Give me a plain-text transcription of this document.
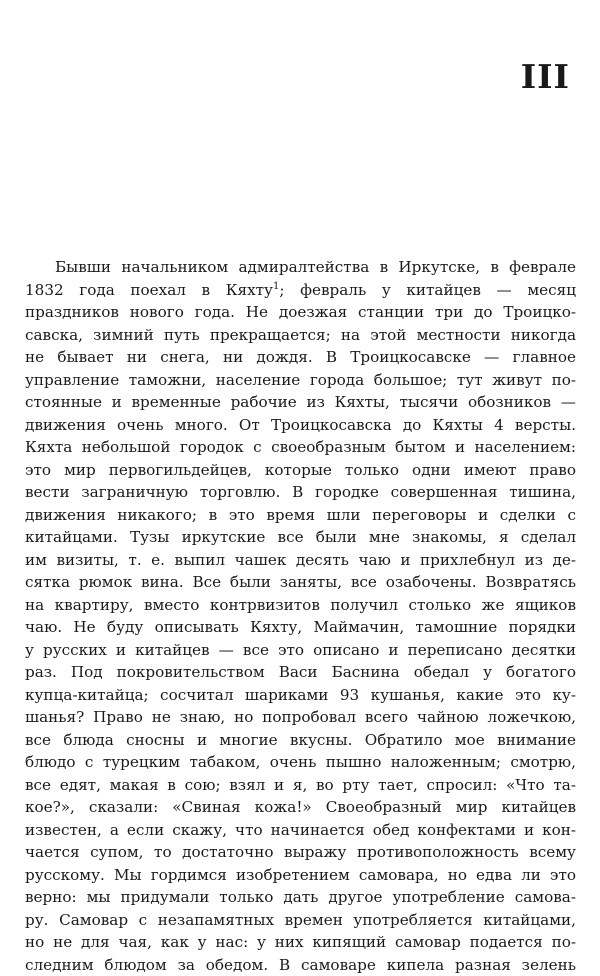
III
Бывши начальником адмиралтейства в Иркутске, в феврале
1832 года поехал в Кяхту$^1$; февраль у китайцев — месяц
праздников нового года. Не доезжая станции три до Троицко-
савска, зимний путь прекращается; на этой местности никогда
не бывает ни снега, ни дождя. В Троицкосавске — главное
управление таможни, население города большое; тут живут по-
стоянные и временные рабочие из Кяхты, тысячи обозников —
движения очень много. От Троицкосавска до Кяхты 4 версты.
Кяхта небольшой городок с своеобразным бытом и населением:
это мир первогильдейцев, которые только одни имеют право
вести заграничную торговлю. В городке совершенная тишина,
движения никакого; в это время шли переговоры и сделки с
китайцами. Тузы иркутские все были мне знакомы, я сделал
им визиты, т. е. выпил чашек десять чаю и прихлебнул из де-
сятка рюмок вина. Все были заняты, все озабочены. Возвратясь
на квартиру, вместо контрвизитов получил столько же ящиков
чаю. Не буду описывать Кяхту, Маймачин, тамошние порядки
у русских и китайцев — все это описано и переписано десятки
раз. Под покровительством Васи Баснина обедал у богатого
купца-китайца; сосчитал шариками 93 кушанья, какие это ку-
шанья? Право не знаю, но попробовал всего чайною ложечкою,
все блюда сносны и многие вкусны. Обратило мое внимание
блюдо с турецким табаком, очень пышно наложенным; смотрю,
все едят, макая в сою; взял и я, во рту тает, спросил: «Что та-
кое?», сказали: «Свиная кожа!» Своеобразный мир китайцев
известен, а если скажу, что начинается обед конфектами и кон-
чается супом, то достаточно выражу противоположность всему
русскому. Мы гордимся изобретением самовара, но едва ли это
верно: мы придумали только дать другое употребление самова-
ру. Самовар с незапамятных времен употребляется китайцами,
но не для чая, как у нас: у них кипящий самовар подается по-
следним блюдом за обедом. В самоваре кипела разная зелень
